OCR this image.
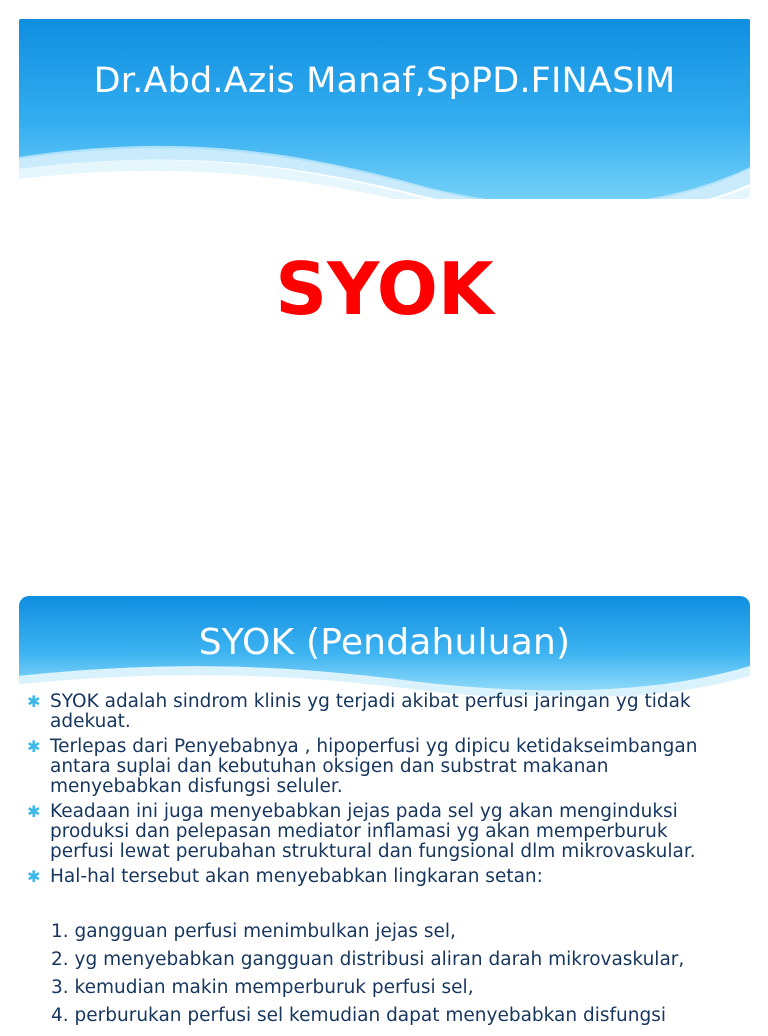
Dr.Abd.Azis Manaf,SpPD.FINASIM
SYOK
SYOK (Pendahuluan)
✱ SYOK adalah sindrom klinis yg terjadi akibat perfusi jaringan yg tidak
adekuat.
✱ Terlepas dari Penyebabnya , hipoperfusi yg dipicu ketidakseimbangan
antara suplai dan kebutuhan oksigen dan substrat makanan
menyebabkan disfungsi seluler.
✱ Keadaan ini juga menyebabkan jejas pada sel yg akan menginduksi
produksi dan pelepasan mediator inflamasi yg akan memperburuk
perfusi lewat perubahan struktural dan fungsional dlm mikrovaskular.
✱ Hal-hal tersebut akan menyebabkan lingkaran setan:
1. gangguan perfusi menimbulkan jejas sel,
2. yg menyebabkan gangguan distribusi aliran darah mikrovaskular,
3. kemudian makin memperburuk perfusi sel,
4. perburukan perfusi sel kemudian dapat menyebabkan disfungsi
